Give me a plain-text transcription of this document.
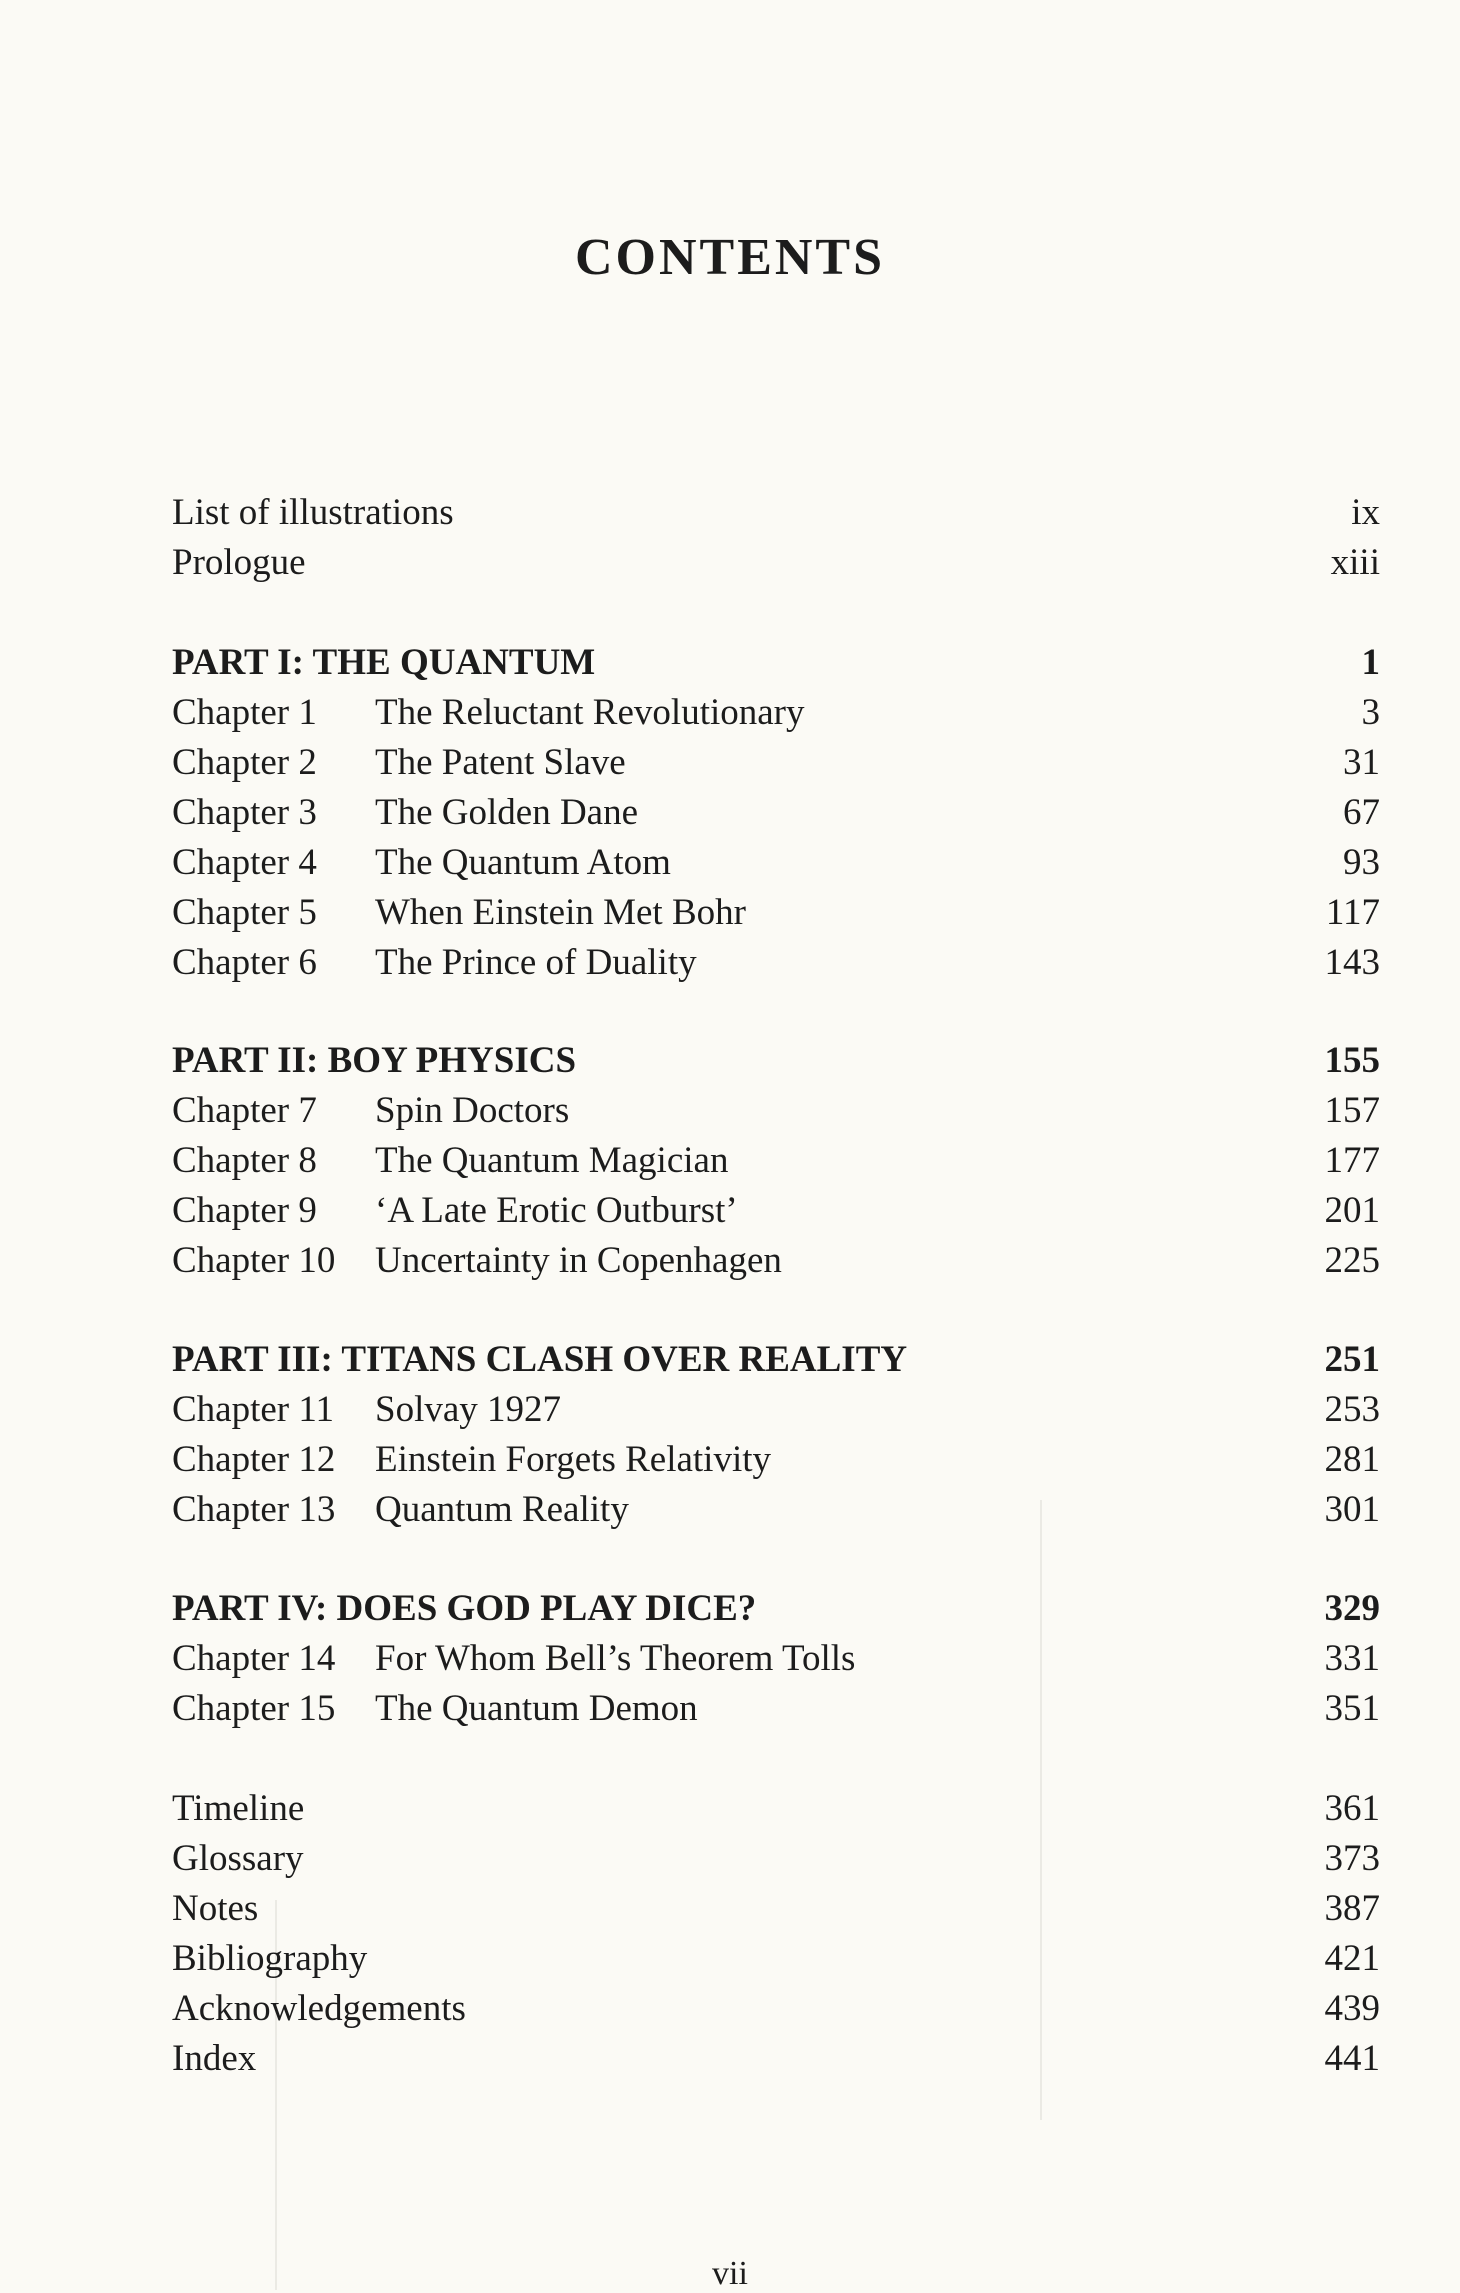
CONTENTS
List of illustrations	ix
Prologue	xiii
PART I: THE QUANTUM	1
Chapter 1 The Reluctant Revolutionary	3
Chapter 2 The Patent Slave	31
Chapter 3 The Golden Dane	67
Chapter 4 The Quantum Atom	93
Chapter 5 When Einstein Met Bohr	117
Chapter 6 The Prince of Duality	143
PART II: BOY PHYSICS	155
Chapter 7 Spin Doctors	157
Chapter 8 The Quantum Magician	177
Chapter 9 ‘A Late Erotic Outburst’	201
Chapter 10 Uncertainty in Copenhagen	225
PART III: TITANS CLASH OVER REALITY	251
Chapter 11 Solvay 1927	253
Chapter 12 Einstein Forgets Relativity	281
Chapter 13 Quantum Reality	301
PART IV: DOES GOD PLAY DICE?	329
Chapter 14 For Whom Bell’s Theorem Tolls	331
Chapter 15 The Quantum Demon	351
Timeline	361
Glossary	373
Notes	387
Bibliography	421
Acknowledgements	439
Index	441
vii
